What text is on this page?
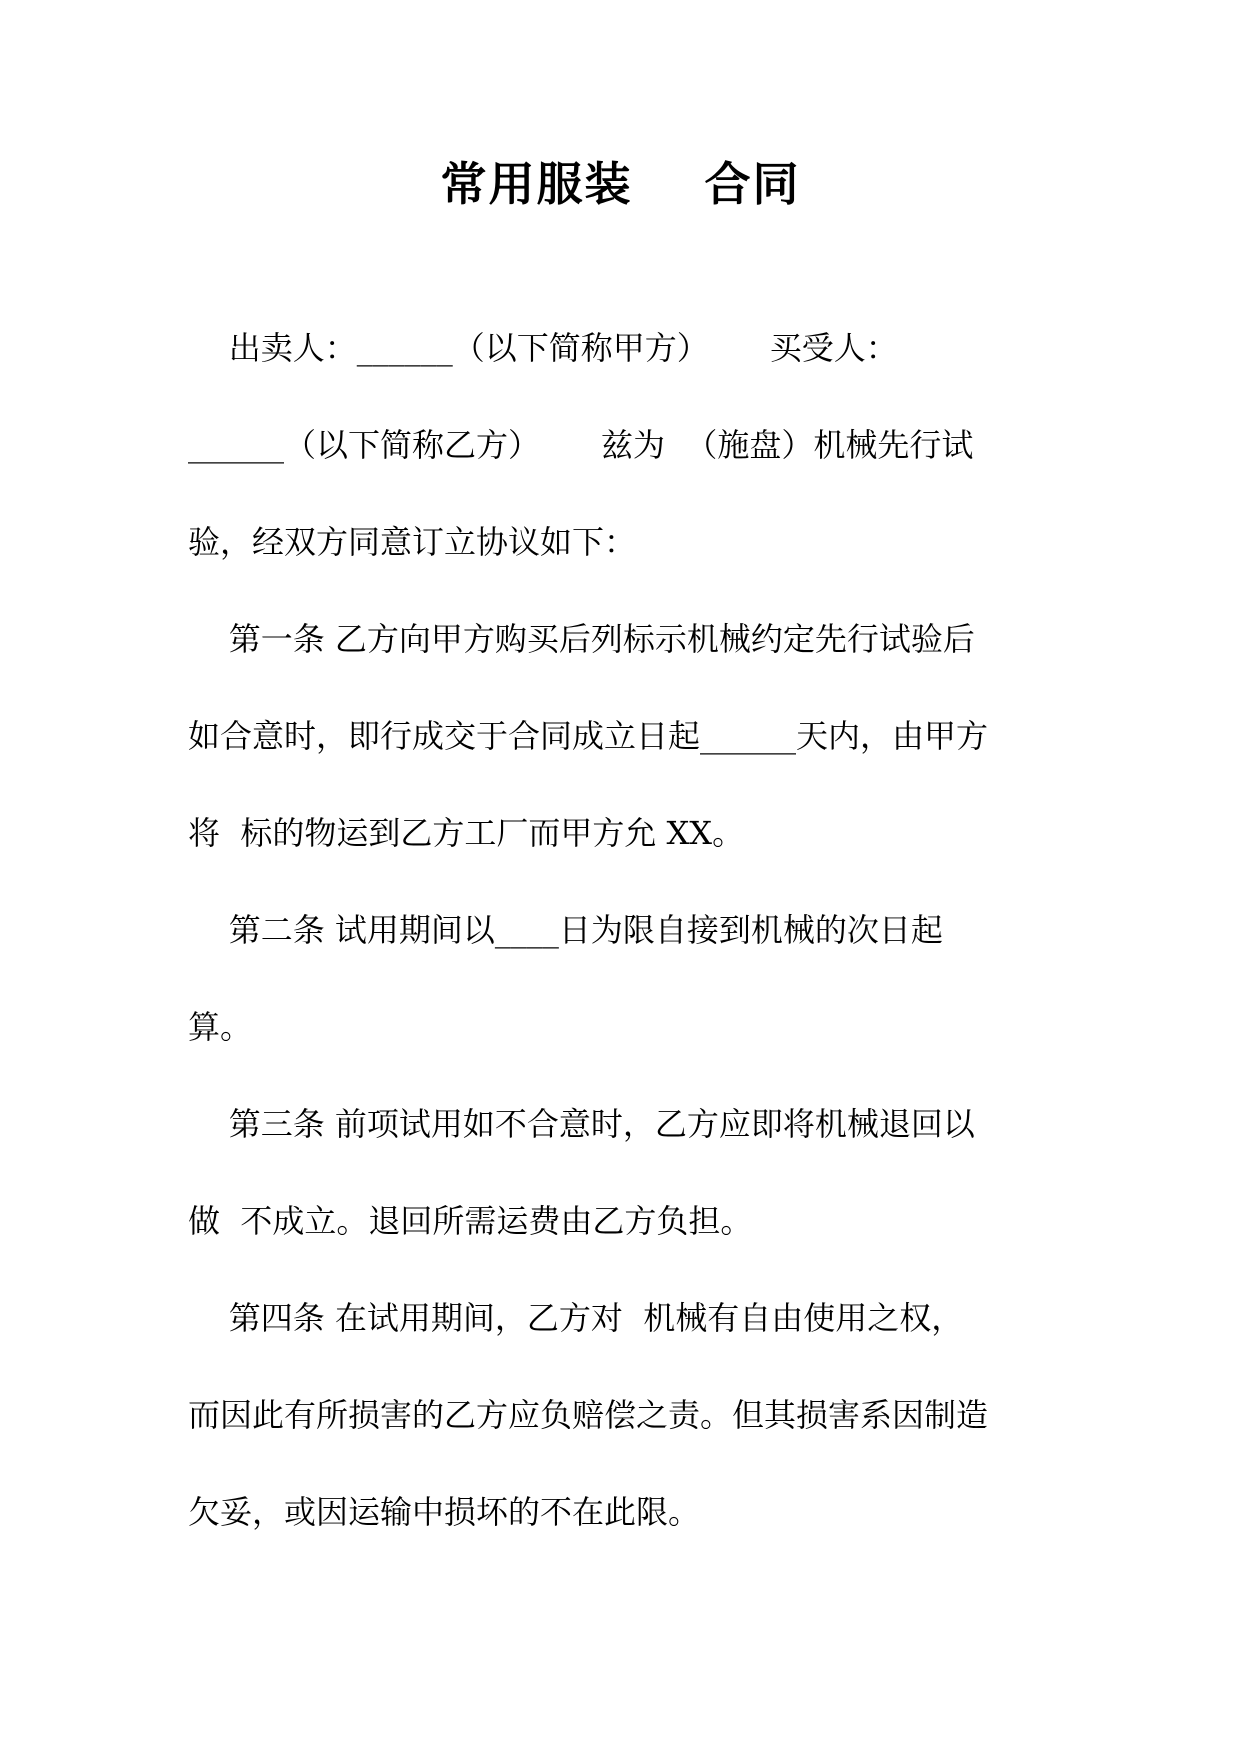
常用服装    合同
出卖人：______（以下简称甲方）      买受人：
______（以下简称乙方）      兹为  （施盘）机械先行试
验，经双方同意订立协议如下：
第一条 乙方向甲方购买后列标示机械约定先行试验后
如合意时，即行成交于合同成立日起______天内，由甲方
将  标的物运到乙方工厂而甲方允 XX。
第二条 试用期间以____日为限自接到机械的次日起
算。
第三条 前项试用如不合意时，乙方应即将机械退回以
做  不成立。退回所需运费由乙方负担。
第四条 在试用期间，乙方对  机械有自由使用之权，
而因此有所损害的乙方应负赔偿之责。但其损害系因制造
欠妥，或因运输中损坏的不在此限。
